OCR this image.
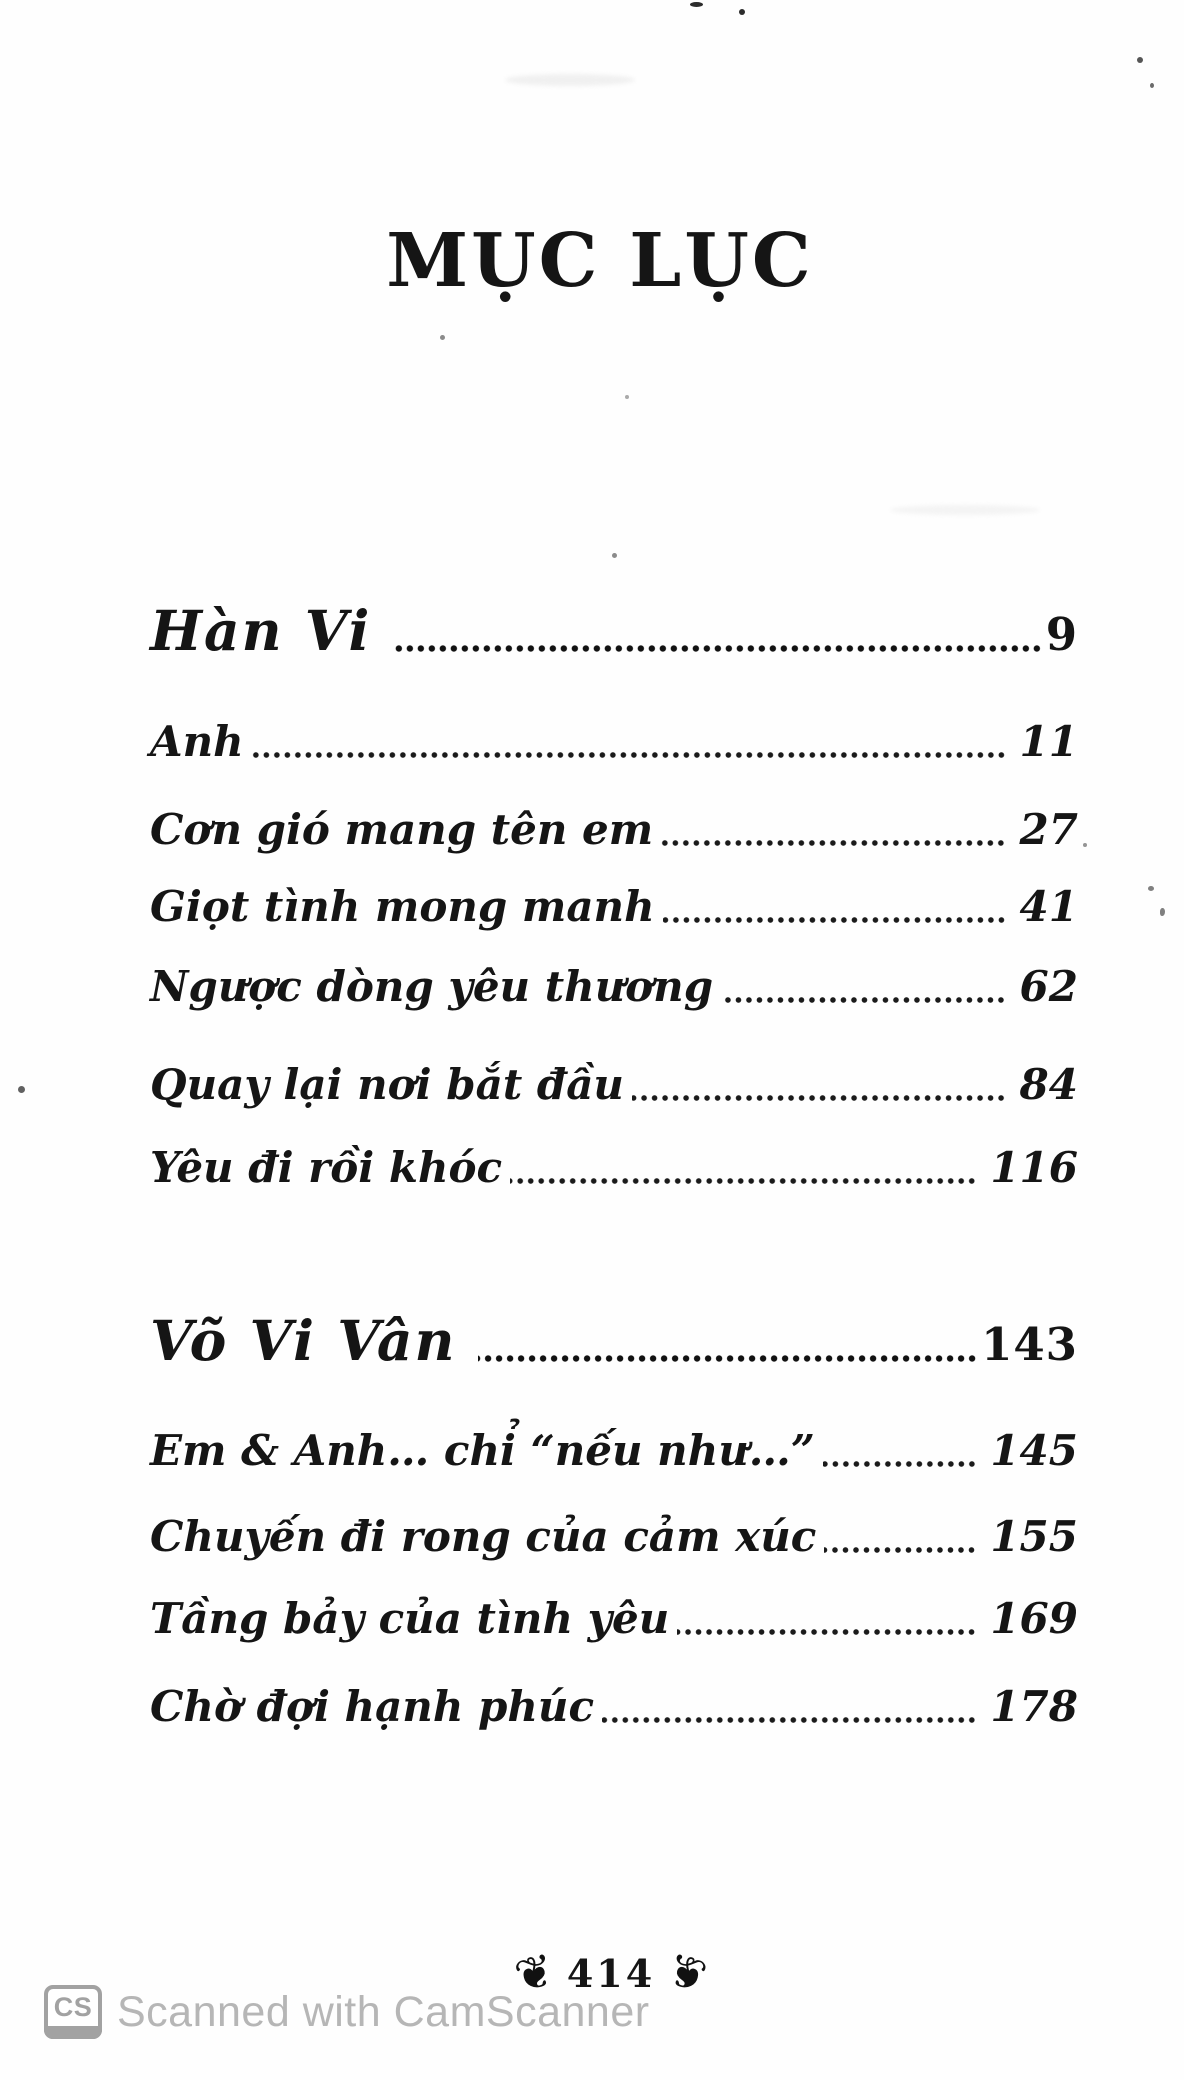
MỤC LỤC
Hàn Vi	9
Anh	11
Cơn gió mang tên em	27
Giọt tình mong manh	41
Ngược dòng yêu thương	62
Quay lại nơi bắt đầu	84
Yêu đi rồi khóc	116
Võ Vi Vân	143
Em & Anh… chỉ “nếu như…”	145
Chuyến đi rong của cảm xúc	155
Tầng bảy của tình yêu	169
Chờ đợi hạnh phúc	178
❦ 414 ❦
CS Scanned with CamScanner
